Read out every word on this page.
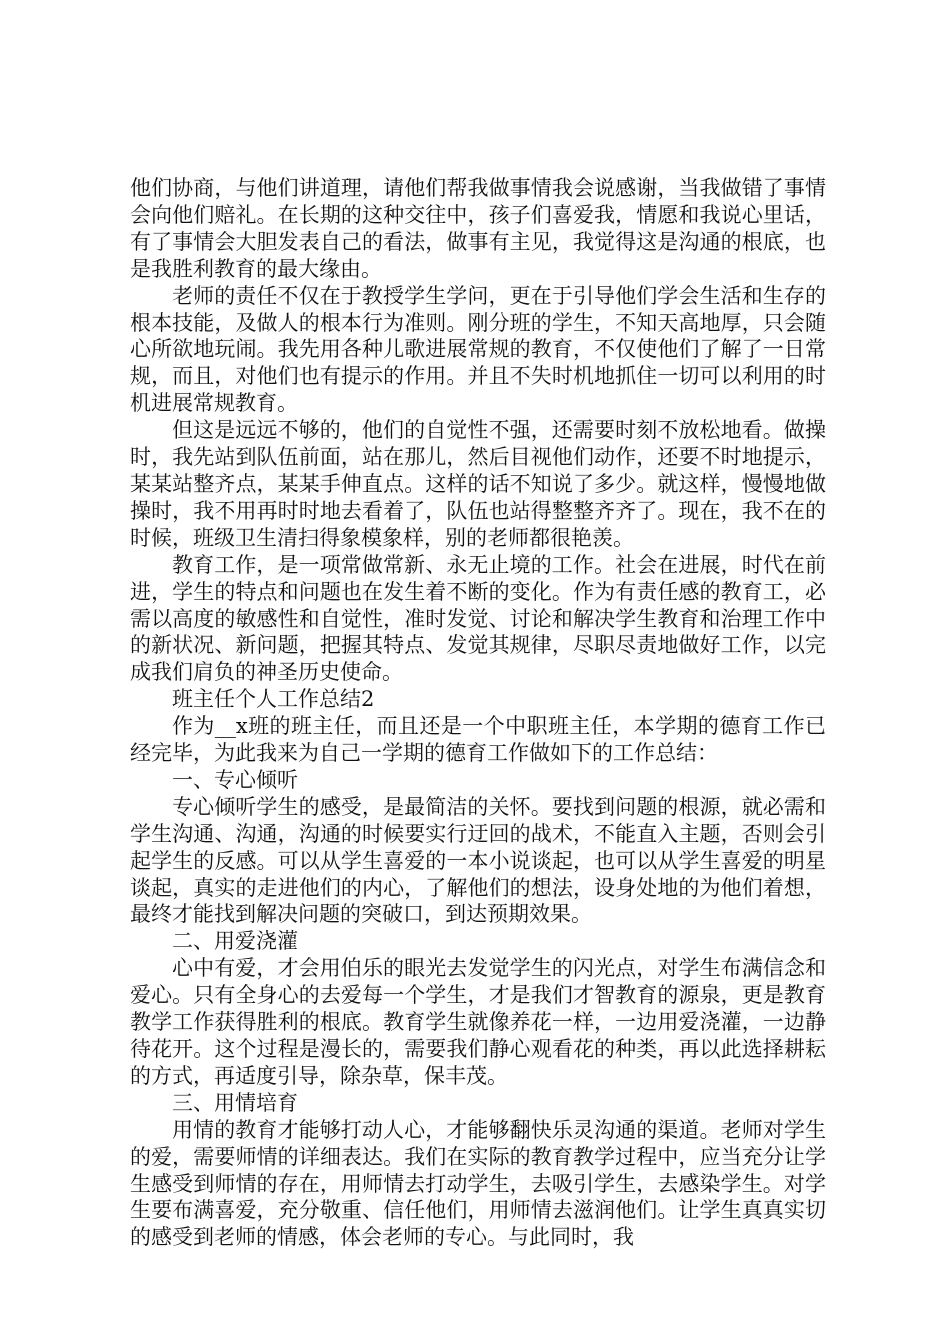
他们协商，与他们讲道理，请他们帮我做事情我会说感谢，当我做错了事情会向他们赔礼。在长期的这种交往中，孩子们喜爱我，情愿和我说心里话，有了事情会大胆发表自己的看法，做事有主见，我觉得这是沟通的根底，也是我胜利教育的最大缘由。

老师的责任不仅在于教授学生学问，更在于引导他们学会生活和生存的根本技能，及做人的根本行为准则。刚分班的学生，不知天高地厚，只会随心所欲地玩闹。我先用各种儿歌进展常规的教育，不仅使他们了解了一日常规，而且，对他们也有提示的作用。并且不失时机地抓住一切可以利用的时机进展常规教育。

但这是远远不够的，他们的自觉性不强，还需要时刻不放松地看。做操时，我先站到队伍前面，站在那儿，然后目视他们动作，还要不时地提示，某某站整齐点，某某手伸直点。这样的话不知说了多少。就这样，慢慢地做操时，我不用再时时地去看着了，队伍也站得整整齐齐了。现在，我不在的时候，班级卫生清扫得象模象样，别的老师都很艳羡。

教育工作，是一项常做常新、永无止境的工作。社会在进展，时代在前进，学生的特点和问题也在发生着不断的变化。作为有责任感的教育工，必需以高度的敏感性和自觉性，准时发觉、讨论和解决学生教育和治理工作中的新状况、新问题，把握其特点、发觉其规律，尽职尽责地做好工作，以完成我们肩负的神圣历史使命。

班主任个人工作总结2

作为__x班的班主任，而且还是一个中职班主任，本学期的德育工作已经完毕，为此我来为自己一学期的德育工作做如下的工作总结：

一、专心倾听

专心倾听学生的感受，是最简洁的关怀。要找到问题的根源，就必需和学生沟通、沟通，沟通的时候要实行迂回的战术，不能直入主题，否则会引起学生的反感。可以从学生喜爱的一本小说谈起，也可以从学生喜爱的明星谈起，真实的走进他们的内心，了解他们的想法，设身处地的为他们着想，最终才能找到解决问题的突破口，到达预期效果。

二、用爱浇灌

心中有爱，才会用伯乐的眼光去发觉学生的闪光点，对学生布满信念和爱心。只有全身心的去爱每一个学生，才是我们才智教育的源泉，更是教育教学工作获得胜利的根底。教育学生就像养花一样，一边用爱浇灌，一边静待花开。这个过程是漫长的，需要我们静心观看花的种类，再以此选择耕耘的方式，再适度引导，除杂草，保丰茂。

三、用情培育

用情的教育才能够打动人心，才能够翻快乐灵沟通的渠道。老师对学生的爱，需要师情的详细表达。我们在实际的教育教学过程中，应当充分让学生感受到师情的存在，用师情去打动学生，去吸引学生，去感染学生。对学生要布满喜爱，充分敬重、信任他们，用师情去滋润他们。让学生真真实切的感受到老师的情感，体会老师的专心。与此同时，我
